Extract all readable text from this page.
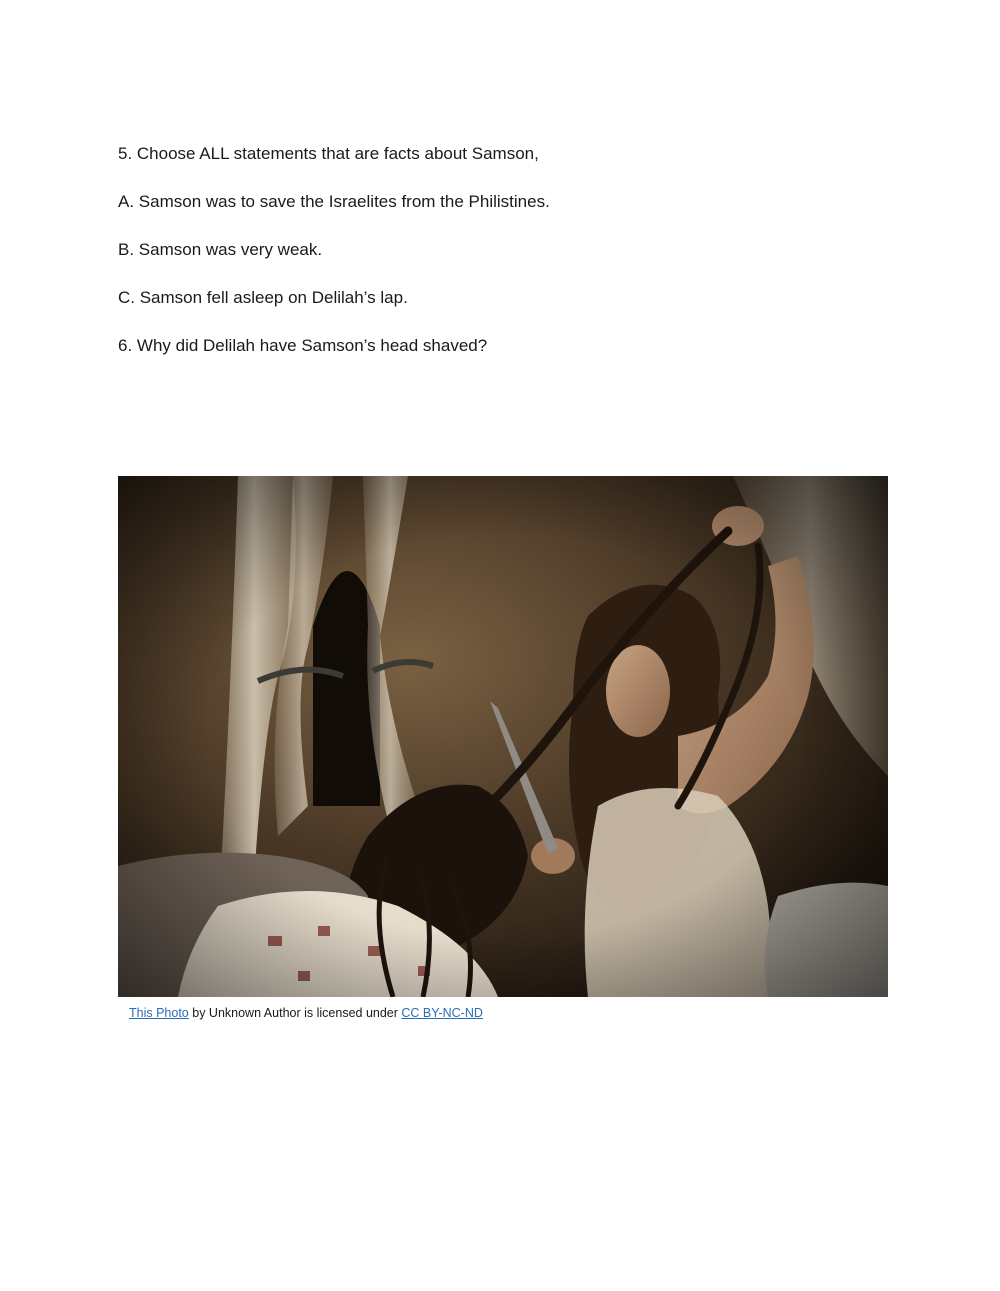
5. Choose ALL statements that are facts about Samson,
A. Samson was to save the Israelites from the Philistines.
B. Samson was very weak.
C. Samson fell asleep on Delilah’s lap.
6. Why did Delilah have Samson’s head shaved?
This Photo by Unknown Author is licensed under CC BY-NC-ND
